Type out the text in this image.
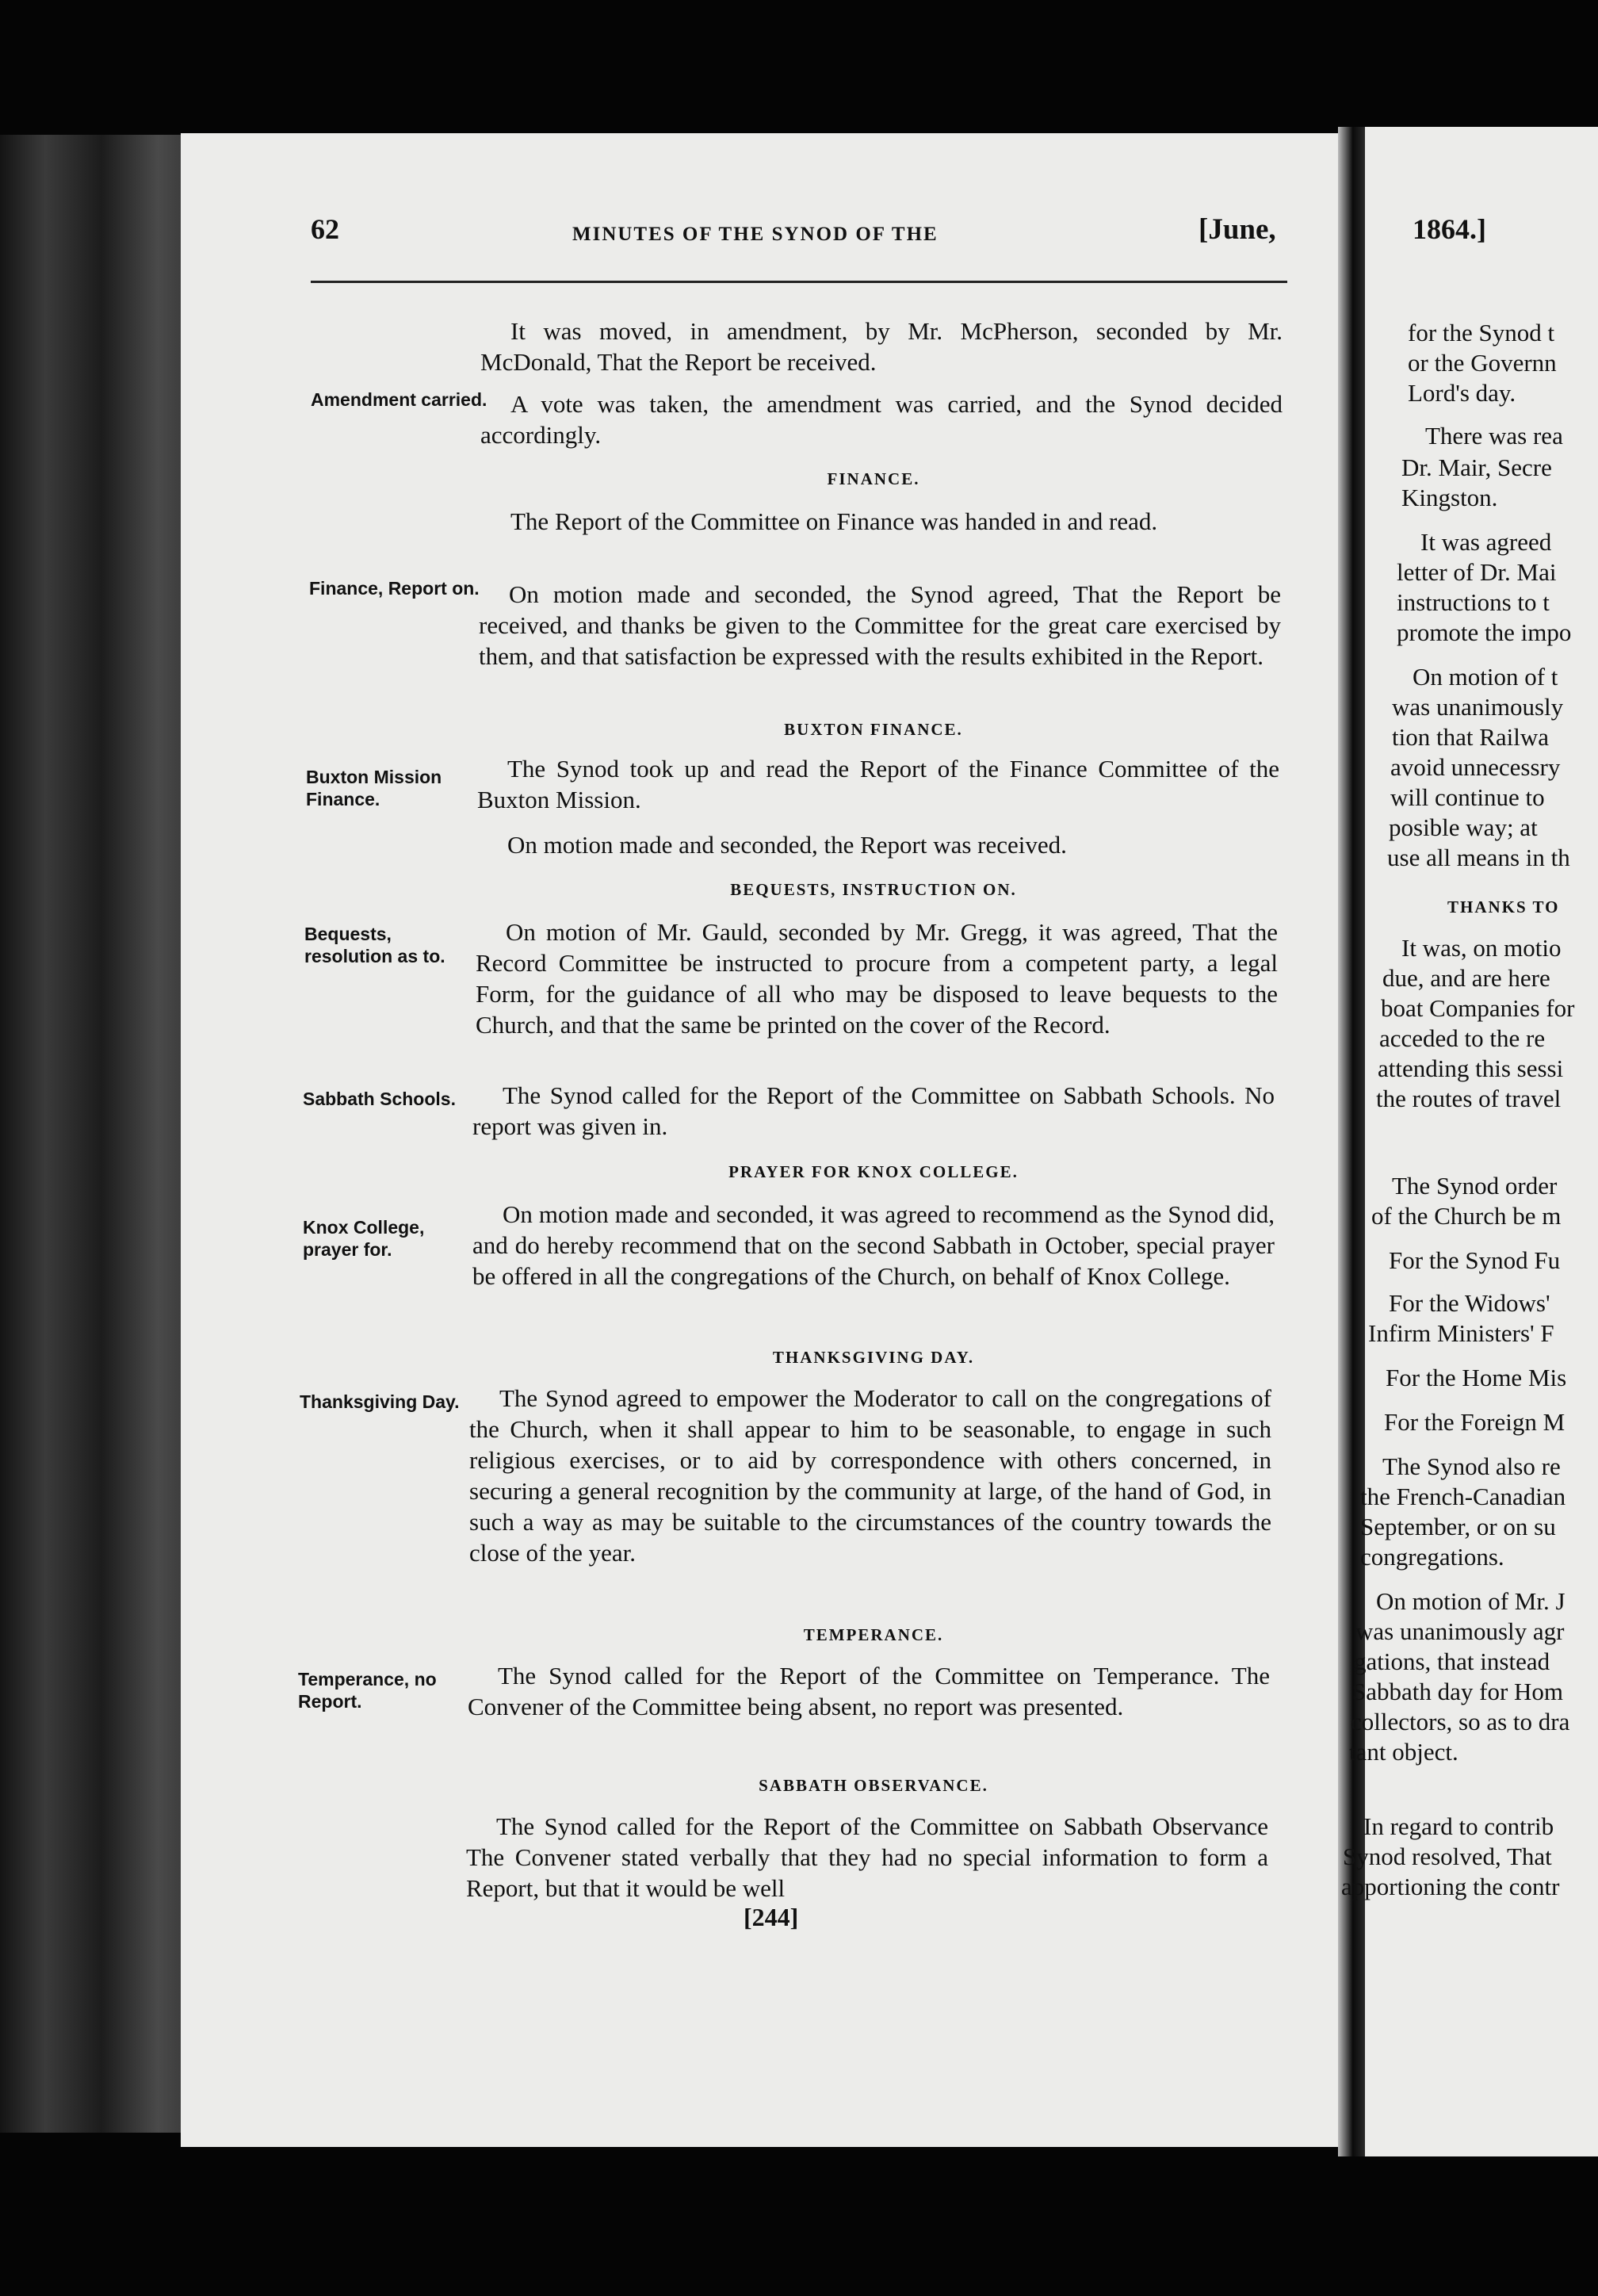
62	MINUTES OF THE SYNOD OF THE	[June,
Amendment carried.
Finance, Report on.
Buxton Mission Finance.
Bequests, resolution as to.
Sabbath Schools.
Knox College, prayer for.
Thanksgiving Day.
Temperance, no Report.
It was moved, in amendment, by Mr. McPherson, seconded by Mr. McDonald, That the Report be received.
A vote was taken, the amendment was carried, and the Synod decided accordingly.
FINANCE.
The Report of the Committee on Finance was handed in and read.
On motion made and seconded, the Synod agreed, That the Report be received, and thanks be given to the Committee for the great care exercised by them, and that satisfaction be expressed with the results exhibited in the Report.
BUXTON FINANCE.
The Synod took up and read the Report of the Finance Committee of the Buxton Mission.
On motion made and seconded, the Report was received.
BEQUESTS, INSTRUCTION ON.
On motion of Mr. Gauld, seconded by Mr. Gregg, it was agreed, That the Record Committee be instructed to procure from a competent party, a legal Form, for the guidance of all who may be disposed to leave bequests to the Church, and that the same be printed on the cover of the Record.
The Synod called for the Report of the Committee on Sabbath Schools. No report was given in.
PRAYER FOR KNOX COLLEGE.
On motion made and seconded, it was agreed to recommend as the Synod did, and do hereby recommend that on the second Sabbath in October, special prayer be offered in all the congregations of the Church, on behalf of Knox College.
THANKSGIVING DAY.
The Synod agreed to empower the Moderator to call on the congregations of the Church, when it shall appear to him to be seasonable, to engage in such religious exercises, or to aid by correspondence with others concerned, in securing a general recognition by the community at large, of the hand of God, in such a way as may be suitable to the circumstances of the country towards the close of the year.
TEMPERANCE.
The Synod called for the Report of the Committee on Temperance. The Convener of the Committee being absent, no report was presented.
SABBATH OBSERVANCE.
The Synod called for the Report of the Committee on Sabbath Observance The Convener stated verbally that they had no special information to form a Report, but that it would be well
[244]
1864.]
for the Synod t
or the Governn
Lord's day.
There was rea
Dr. Mair, Secre
Kingston.
It was agreed
letter of Dr. Mai
instructions to t
promote the impo
On motion of t
was unanimously
tion that Railwa
avoid unnecessry
will continue to
posible way; at
use all means in th
THANKS TO
It was, on motio
due, and are here
boat Companies for
acceded to the re
attending this sessi
the routes of travel
The Synod order
of the Church be m
For the Synod Fu
For the Widows'
Infirm Ministers' F
For the Home Mis
For the Foreign M
The Synod also re
the French-Canadian
September, or on su
congregations.
On motion of Mr. J
was unanimously agr
gations, that instead
Sabbath day for Hom
collectors, so as to dra
tant object.
In regard to contrib
Synod resolved, That
apportioning the contr
